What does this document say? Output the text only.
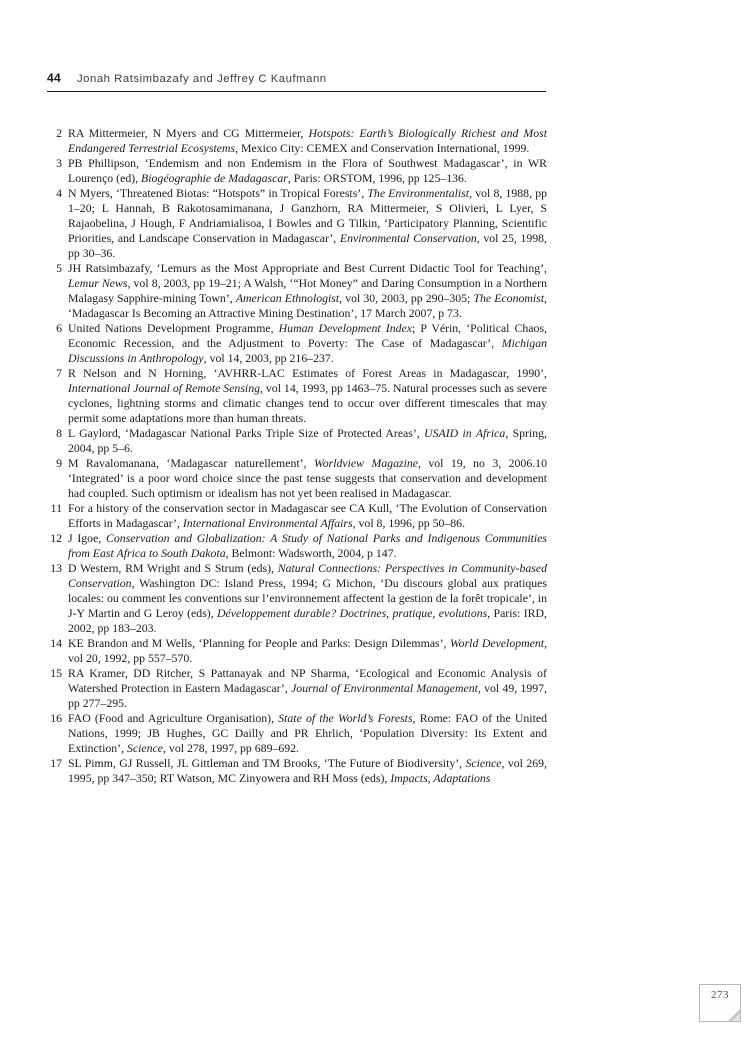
44 Jonah Ratsimbazafy and Jeffrey C Kaufmann
2 RA Mittermeier, N Myers and CG Mittermeier, Hotspots: Earth’s Biologically Richest and Most Endangered Terrestrial Ecosystems, Mexico City: CEMEX and Conservation International, 1999.
3 PB Phillipson, ‘Endemism and non Endemism in the Flora of Southwest Madagascar’, in WR Lourenço (ed), Biogéographie de Madagascar, Paris: ORSTOM, 1996, pp 125–136.
4 N Myers, ‘Threatened Biotas: “Hotspots” in Tropical Forests’, The Environmentalist, vol 8, 1988, pp 1–20; L Hannah, B Rakotosamimanana, J Ganzhorn, RA Mittermeier, S Olivieri, L Lyer, S Rajaobelina, J Hough, F Andriamialisoa, I Bowles and G Tilkin, ‘Participatory Planning, Scientific Priorities, and Landscape Conservation in Madagascar’, Environmental Conservation, vol 25, 1998, pp 30–36.
5 JH Ratsimbazafy, ‘Lemurs as the Most Appropriate and Best Current Didactic Tool for Teaching’, Lemur News, vol 8, 2003, pp 19–21; A Walsh, ‘“Hot Money” and Daring Consumption in a Northern Malagasy Sapphire-mining Town’, American Ethnologist, vol 30, 2003, pp 290–305; The Economist, ‘Madagascar Is Becoming an Attractive Mining Destination’, 17 March 2007, p 73.
6 United Nations Development Programme, Human Development Index; P Vérin, ‘Political Chaos, Economic Recession, and the Adjustment to Poverty: The Case of Madagascar’, Michigan Discussions in Anthropology, vol 14, 2003, pp 216–237.
7 R Nelson and N Horning, ‘AVHRR-LAC Estimates of Forest Areas in Madagascar, 1990’, International Journal of Remote Sensing, vol 14, 1993, pp 1463–75. Natural processes such as severe cyclones, lightning storms and climatic changes tend to occur over different timescales that may permit some adaptations more than human threats.
8 L Gaylord, ‘Madagascar National Parks Triple Size of Protected Areas’, USAID in Africa, Spring, 2004, pp 5–6.
9 M Ravalomanana, ‘Madagascar naturellement’, Worldview Magazine, vol 19, no 3, 2006.10 ‘Integrated’ is a poor word choice since the past tense suggests that conservation and development had coupled. Such optimism or idealism has not yet been realised in Madagascar.
11 For a history of the conservation sector in Madagascar see CA Kull, ‘The Evolution of Conservation Efforts in Madagascar’, International Environmental Affairs, vol 8, 1996, pp 50–86.
12 J Igoe, Conservation and Globalization: A Study of National Parks and Indigenous Communities from East Africa to South Dakota, Belmont: Wadsworth, 2004, p 147.
13 D Western, RM Wright and S Strum (eds), Natural Connections: Perspectives in Community-based Conservation, Washington DC: Island Press, 1994; G Michon, ‘Du discours global aux pratiques locales: ou comment les conventions sur l’environnement affectent la gestion de la forêt tropicale’, in J-Y Martin and G Leroy (eds), Développement durable? Doctrines, pratique, evolutions, Paris: IRD, 2002, pp 183–203.
14 KE Brandon and M Wells, ‘Planning for People and Parks: Design Dilemmas’, World Development, vol 20, 1992, pp 557–570.
15 RA Kramer, DD Ritcher, S Pattanayak and NP Sharma, ‘Ecological and Economic Analysis of Watershed Protection in Eastern Madagascar’, Journal of Environmental Management, vol 49, 1997, pp 277–295.
16 FAO (Food and Agriculture Organisation), State of the World’s Forests, Rome: FAO of the United Nations, 1999; JB Hughes, GC Dailly and PR Ehrlich, ‘Population Diversity: Its Extent and Extinction’, Science, vol 278, 1997, pp 689–692.
17 SL Pimm, GJ Russell, JL Gittleman and TM Brooks, ‘The Future of Biodiversity’, Science, vol 269, 1995, pp 347–350; RT Watson, MC Zinyowera and RH Moss (eds), Impacts, Adaptations
273
